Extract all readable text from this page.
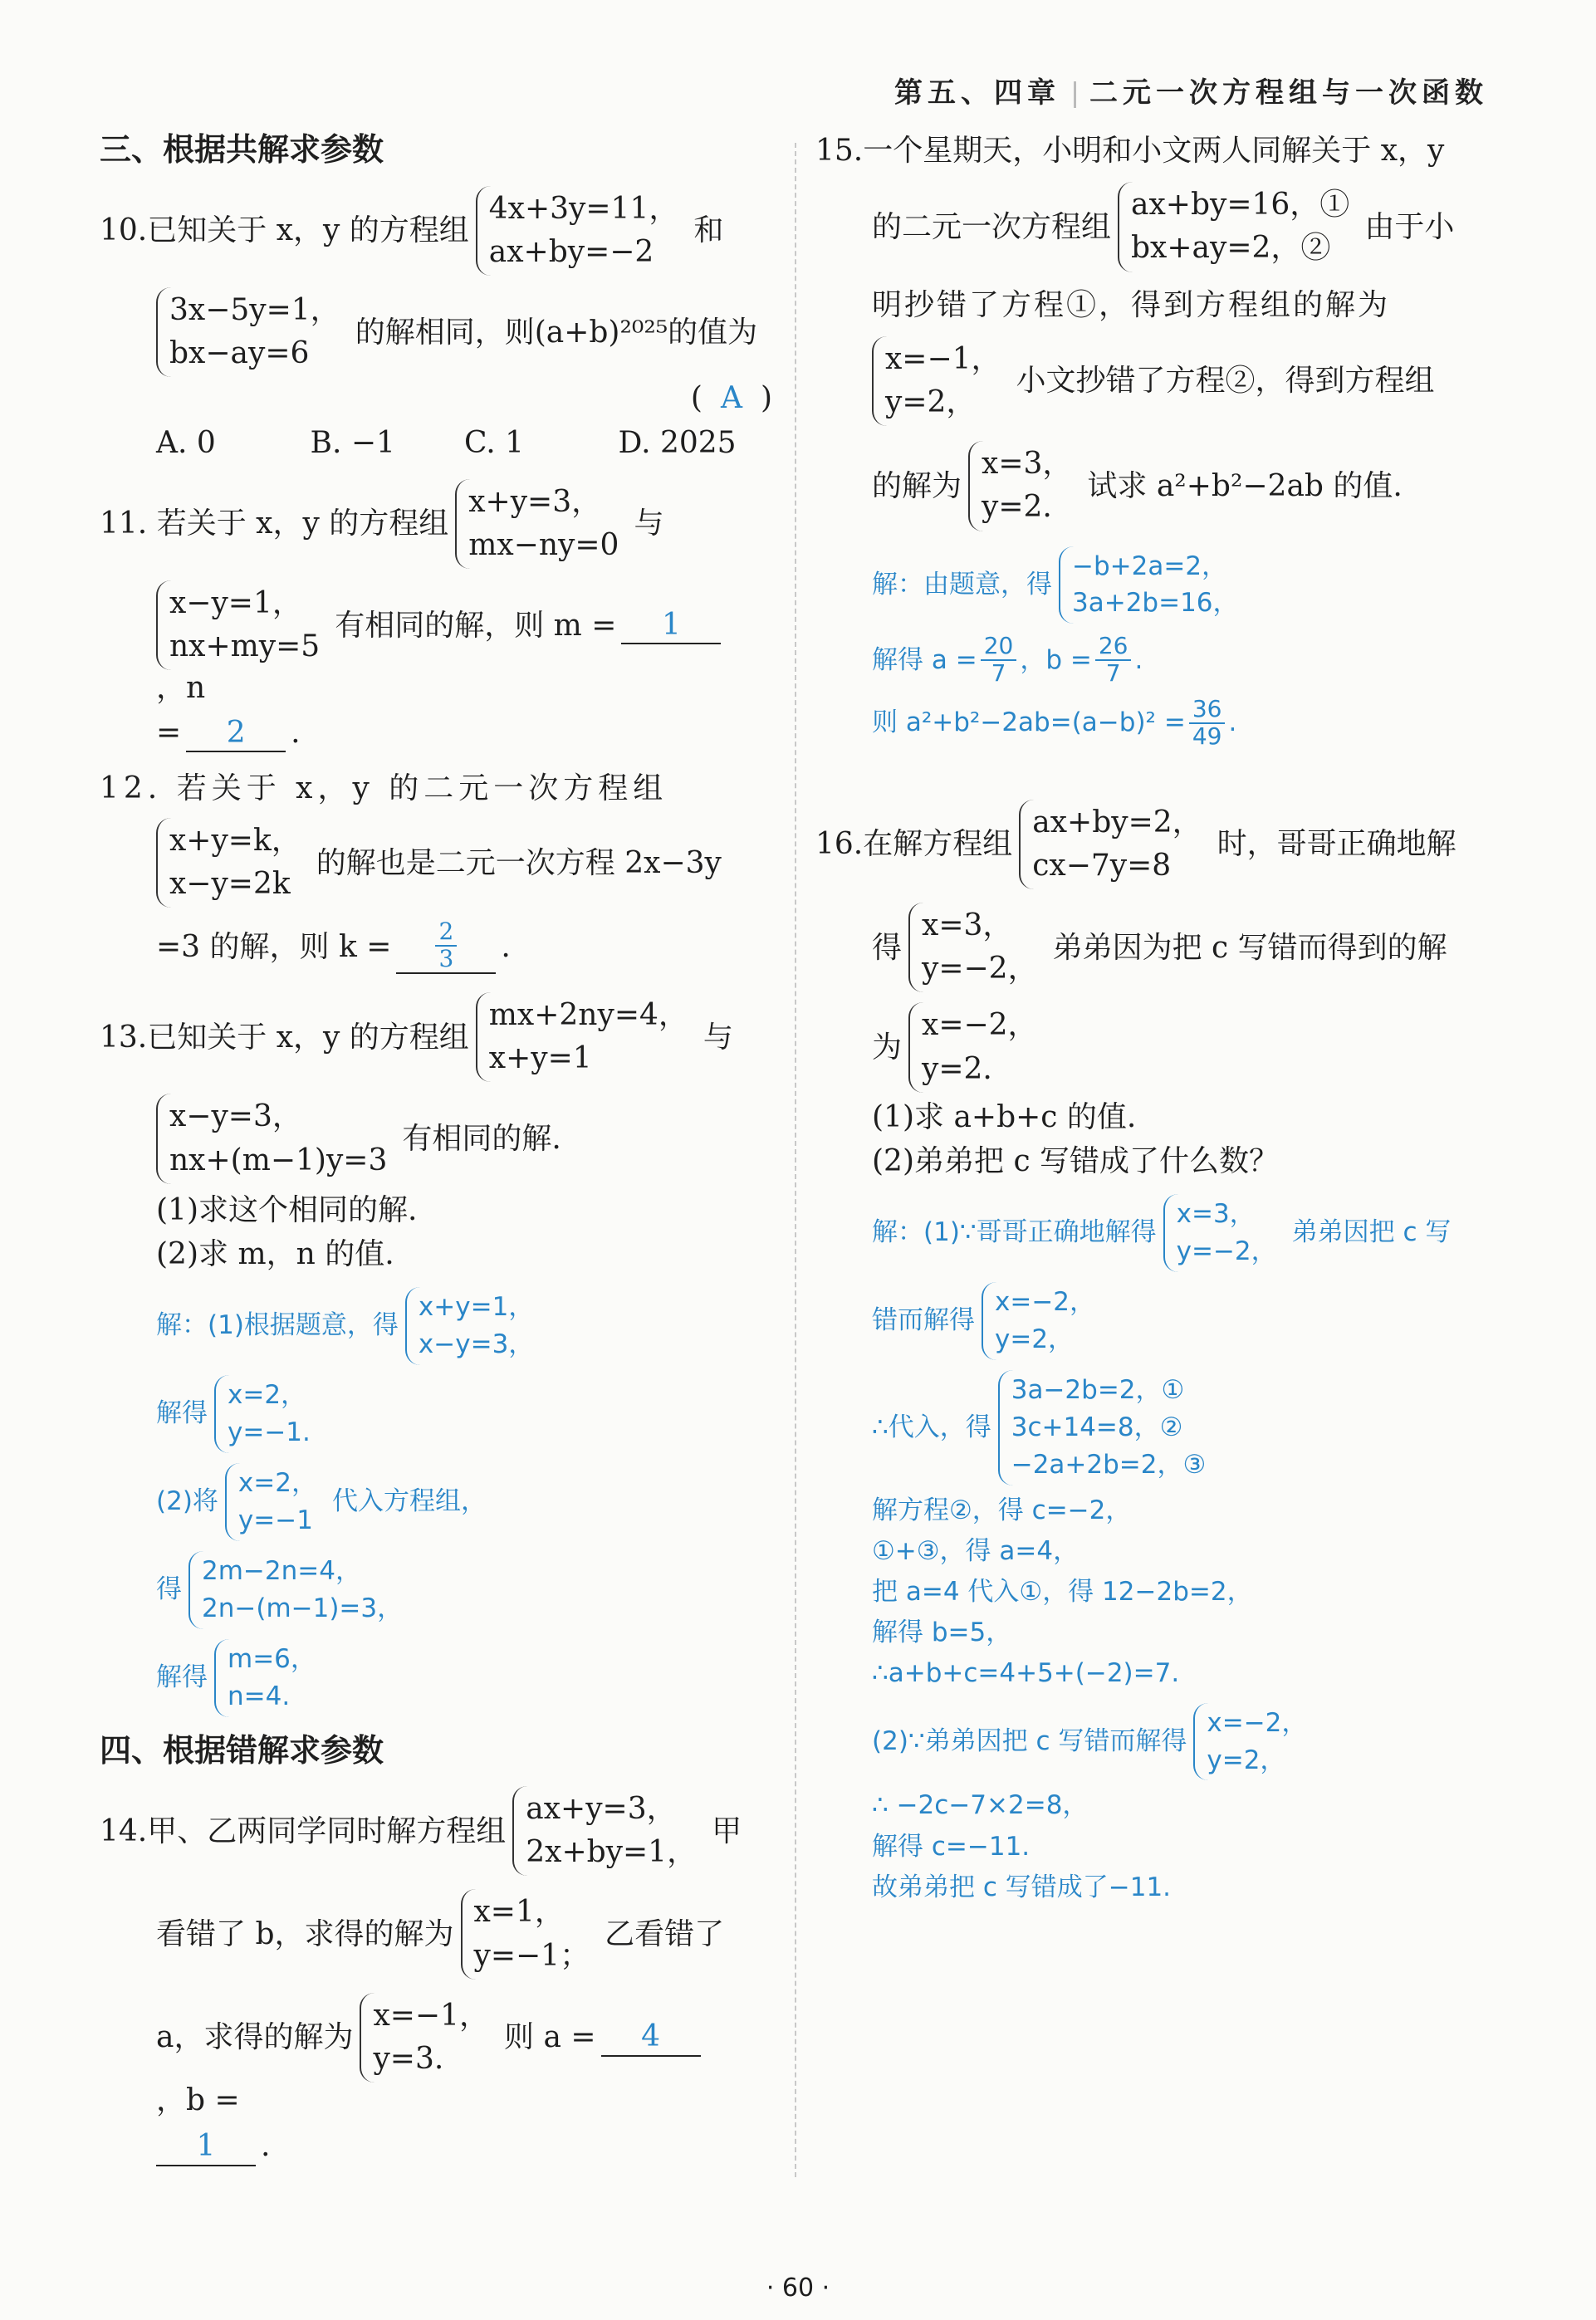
第五、四章 二元一次方程组与一次函数
三、根据共解求参数
10.已知关于 x，y 的方程组
4x+3y=11，
ax+by=−2
和
3x−5y=1，
bx−ay=6
的解相同，则(a+b)²⁰²⁵的值为
( A )
A. 0	B. −1	C. 1	D. 2025
11. 若关于 x，y 的方程组
x+y=3，
mx−ny=0
与
x−y=1，
nx+my=5
有相同的解，则 m =	1
，n
= 2 .
12. 若关于 x，y 的二元一次方程组
x+y=k，
x−y=2k
的解也是二元一次方程 2x−3y
=3 的解，则 $k = \frac{2}{3}$ .
13.已知关于 x，y 的方程组
mx+2ny=4，
x+y=1
与
x−y=3，
nx+(m−1)y=3
有相同的解.

(1)求这个相同的解.

(2)求 m，n 的值.

解：(1)根据题意，得
x+y=1，
x−y=3，

解得
x=2，
y=−1.

(2)将
x=2，
y=−1
代入方程组，

得
2m−2n=4，
2n−(m−1)=3，

解得
m=6，
n=4.

四、根据错解求参数
14.甲、乙两同学同时解方程组
ax+y=3，
2x+by=1，
甲
看错了 b，求得的解为
x=1，
y=−1；
乙看错了
a，求得的解为
x=−1，
y=3.
则 a =	4
，b =
1 .

15.一个星期天，小明和小文两人同解关于 x，y

的二元一次方程组
ax+by=16，①
bx+ay=2，②
由于小

明抄错了方程①，得到方程组的解为

x=−1，
y=2，
小文抄错了方程②，得到方程组
的解为
x=3，
y=2.
试求 a²+b²−2ab 的值.

解：由题意，得
−b+2a=2，
3a+2b=16，

解得 $a = \frac{20}{7}$ ，$b = \frac{26}{7}$ .

则 $a^2+b^2-2ab=(a-b)^2 = \frac{36}{49}$ .

16.在解方程组
ax+by=2，
cx−7y=8
时，哥哥正确地解
得
x=3，
y=−2，
弟弟因为把 c 写错而得到的解
为
x=−2，
y=2.

(1)求 a+b+c 的值.

(2)弟弟把 c 写错成了什么数？

解：(1)∵哥哥正确地解得
x=3，
y=−2，
弟弟因把 c 写

错而解得
x=−2，
y=2，

∴代入，得
3a−2b=2，①
3c+14=8，②
−2a+2b=2，③

解方程②，得 c=−2，

①+③，得 a=4，

把 a=4 代入①，得 12−2b=2，

解得 b=5，

∴a+b+c=4+5+(−2)=7.

(2)∵弟弟因把 c 写错而解得
x=−2，
y=2，

∴ −2c−7×2=8，

解得 c=−11.

故弟弟把 c 写错成了−11.

· 60 ·
